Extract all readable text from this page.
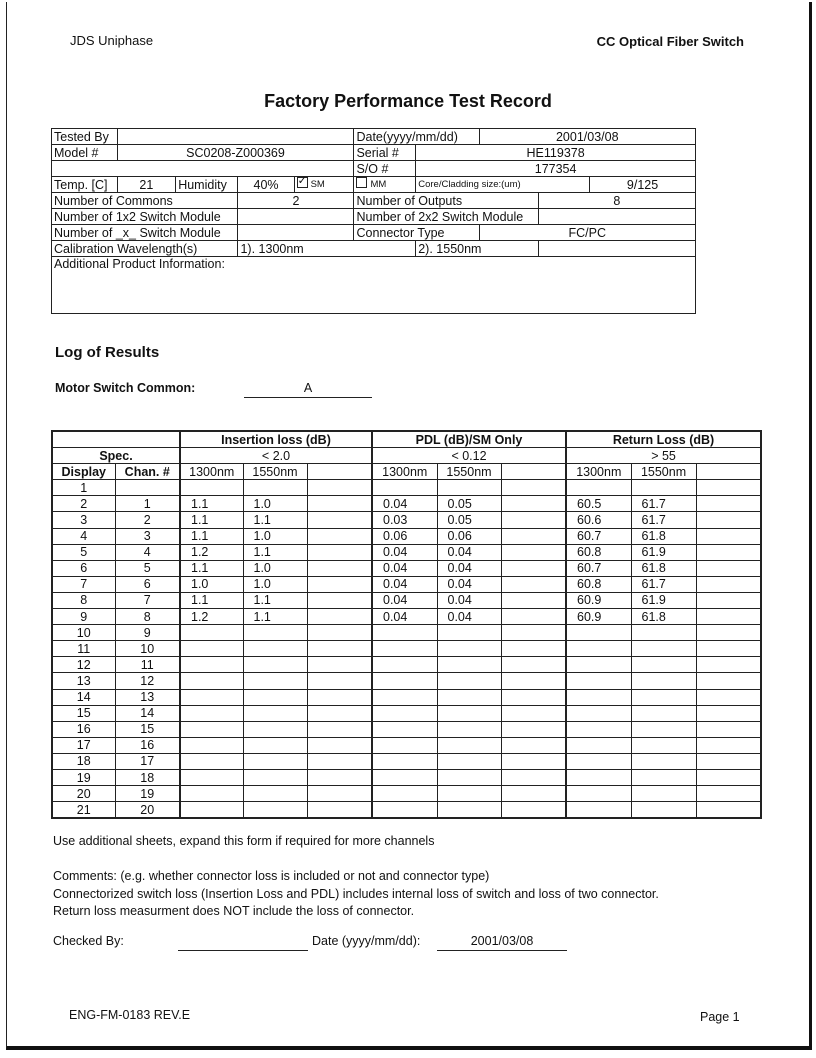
JDS Uniphase	CC Optical Fiber Switch
Factory Performance Test Record
Tested By					Date(yyyy/mm/dd)		2001/03/08		
Model #	SC0208-Z000369				Serial #	HE119378			
					S/O #	177354			
Temp. [C]	21	Humidity	40%	✓SM	MM	Core/Cladding size:(um)			9/125
Number of Commons			2		Number of Outputs			8	
Number of 1x2 Switch Module					Number of 2x2 Switch Module				
Number of _x_ Switch Module					Connector Type		FC/PC		
Calibration Wavelength(s)			1). 1300nm			2). 1550nm			
Additional Product Information:									
Log of Results
Motor Switch Common:	A
		Insertion loss (dB)			PDL (dB)/SM Only			Return Loss (dB)		
Spec.		< 2.0			< 0.12			> 55		
Display	Chan. #	1300nm	1550nm		1300nm	1550nm		1300nm	1550nm	
1										
2	1	1.1	1.0		0.04	0.05		60.5	61.7	
3	2	1.1	1.1		0.03	0.05		60.6	61.7	
4	3	1.1	1.0		0.06	0.06		60.7	61.8	
5	4	1.2	1.1		0.04	0.04		60.8	61.9	
6	5	1.1	1.0		0.04	0.04		60.7	61.8	
7	6	1.0	1.0		0.04	0.04		60.8	61.7	
8	7	1.1	1.1		0.04	0.04		60.9	61.9	
9	8	1.2	1.1		0.04	0.04		60.9	61.8	
10	9									
11	10									
12	11									
13	12									
14	13									
15	14									
16	15									
17	16									
18	17									
19	18									
20	19									
21	20									
Use additional sheets, expand this form if required for more channels
Comments: (e.g. whether connector loss is included or not and connector type)
Connectorized switch loss (Insertion Loss and PDL) includes internal loss of switch and loss of two connector.
Return loss measurment does NOT include the loss of connector.
Checked By:	Date (yyyy/mm/dd):	2001/03/08
ENG-FM-0183 REV.E	Page 1
